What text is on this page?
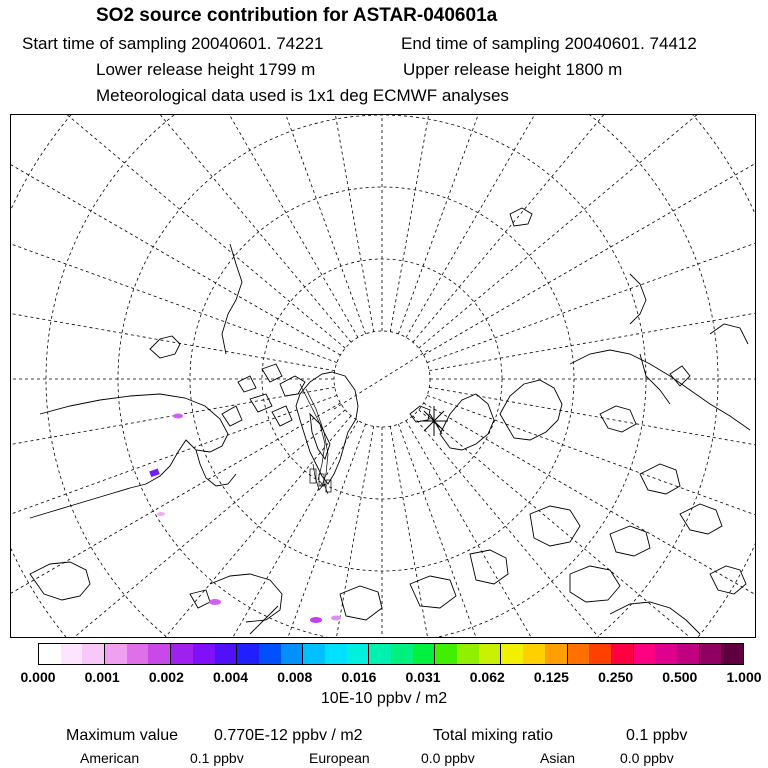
SO2 source contribution for ASTAR-040601a
Start time of sampling 20040601. 74221	End time of sampling 20040601. 74412
Lower release height 1799 m	Upper release height 1800 m
Meteorological data used is 1x1 deg ECMWF analyses
0.000 0.001 0.002 0.004 0.008 0.016 0.031 0.062 0.125 0.250 0.500 1.000
10E-10 ppbv / m2
Maximum value 0.770E-12 ppbv / m2	Total mixing ratio	0.1 ppbv
American	0.1 ppbv	European	0.0 ppbv	Asian	0.0 ppbv
